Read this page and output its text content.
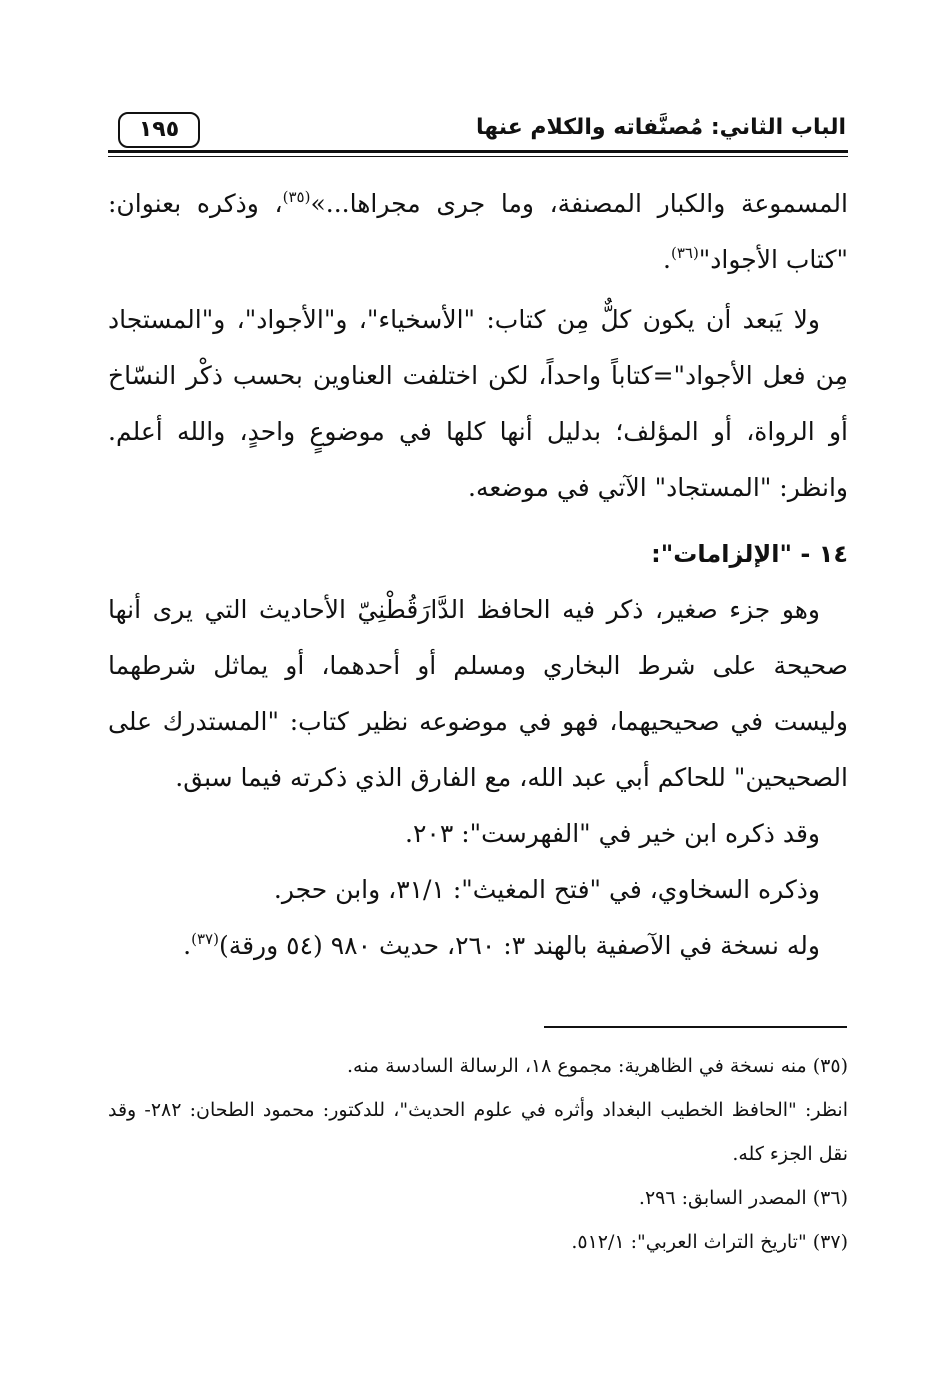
١٩٥	الباب الثاني: مُصنَّفاته والكلام عنها

المسموعة والكبار المصنفة، وما جرى مجراها...»$^{(٣٥)}$، وذكره بعنوان: "كتاب الأجواد"$^{(٣٦)}$.

ولا يَبعد أن يكون كلٌّ مِن كتاب: "الأسخياء"، و"الأجواد"، و"المستجاد مِن فعل الأجواد"=كتاباً واحداً، لكن اختلفت العناوين بحسب ذكْر النسّاخ أو الرواة، أو المؤلف؛ بدليل أنها كلها في موضوعٍ واحدٍ، والله أعلم. وانظر: "المستجاد" الآتي في موضعه.

١٤ - "الإلزامات":

وهو جزء صغير، ذكر فيه الحافظ الدَّارَقُطْنِيّ الأحاديث التي يرى أنها صحيحة على شرط البخاري ومسلم أو أحدهما، أو يماثل شرطهما وليست في صحيحيهما، فهو في موضوعه نظير كتاب: "المستدرك على الصحيحين" للحاكم أبي عبد الله، مع الفارق الذي ذكرته فيما سبق.

وقد ذكره ابن خير في "الفهرست": ٢٠٣.

وذكره السخاوي، في "فتح المغيث": ٣١/١، وابن حجر.

وله نسخة في الآصفية بالهند ٣: ٢٦٠، حديث ٩٨٠ (٥٤ ورقة)$^{(٣٧)}$.

(٣٥) منه نسخة في الظاهرية: مجموع ١٨، الرسالة السادسة منه.

انظر: "الحافظ الخطيب البغداد وأثره في علوم الحديث"، للدكتور: محمود الطحان: ٢٨٢- وقد نقل الجزء كله.

(٣٦) المصدر السابق: ٢٩٦.

(٣٧) "تاريخ التراث العربي": ٥١٢/١.
